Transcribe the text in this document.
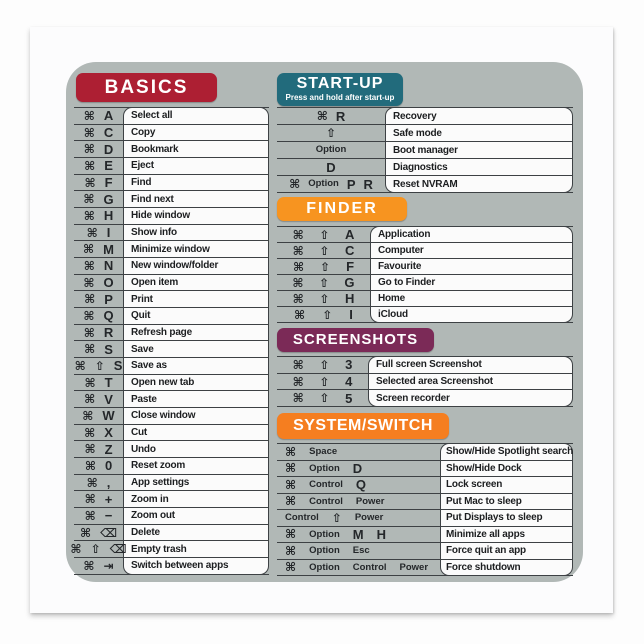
BASICS
⌘ A	Select all
⌘ C	Copy
⌘ D	Bookmark
⌘ E	Eject
⌘ F	Find
⌘ G	Find next
⌘ H	Hide window
⌘ I	Show info
⌘ M	Minimize window
⌘ N	New window/folder
⌘ O	Open item
⌘ P	Print
⌘ Q	Quit
⌘ R	Refresh page
⌘ S	Save
⌘ ⇧ S Save as
⌘ T	Open new tab
⌘ V	Paste
⌘ W	Close window
⌘ X	Cut
⌘ Z	Undo
⌘ 0	Reset zoom
⌘ ,	App settings
⌘ +	Zoom in
⌘ −	Zoom out
⌘ ⌫	Delete
⌘ ⇧ ⌫ Empty trash
⌘ ⇥	Switch between apps
START-UP
Press and hold after start-up
⌘ R	Recovery
⇧	Safe mode
Option	Boot manager
D	Diagnostics
⌘ Option P R	Reset NVRAM
FINDER
⌘ ⇧ A	Application
⌘ ⇧ C	Computer
⌘ ⇧ F	Favourite
⌘ ⇧ G	Go to Finder
⌘ ⇧ H	Home
⌘ ⇧ I	iCloud
SCREENSHOTS
⌘ ⇧ 3	Full screen Screenshot
⌘ ⇧ 4	Selected area Screenshot
⌘ ⇧ 5	Screen recorder
SYSTEM/SWITCH
⌘ Space	Show/Hide Spotlight search
⌘ Option D	Show/Hide Dock
⌘ Control Q	Lock screen
⌘ Control Power	Put Mac to sleep
Control ⇧ Power	Put Displays to sleep
⌘ Option M H	Minimize all apps
⌘ Option Esc	Force quit an app
⌘ Option Control Power	Force shutdown
